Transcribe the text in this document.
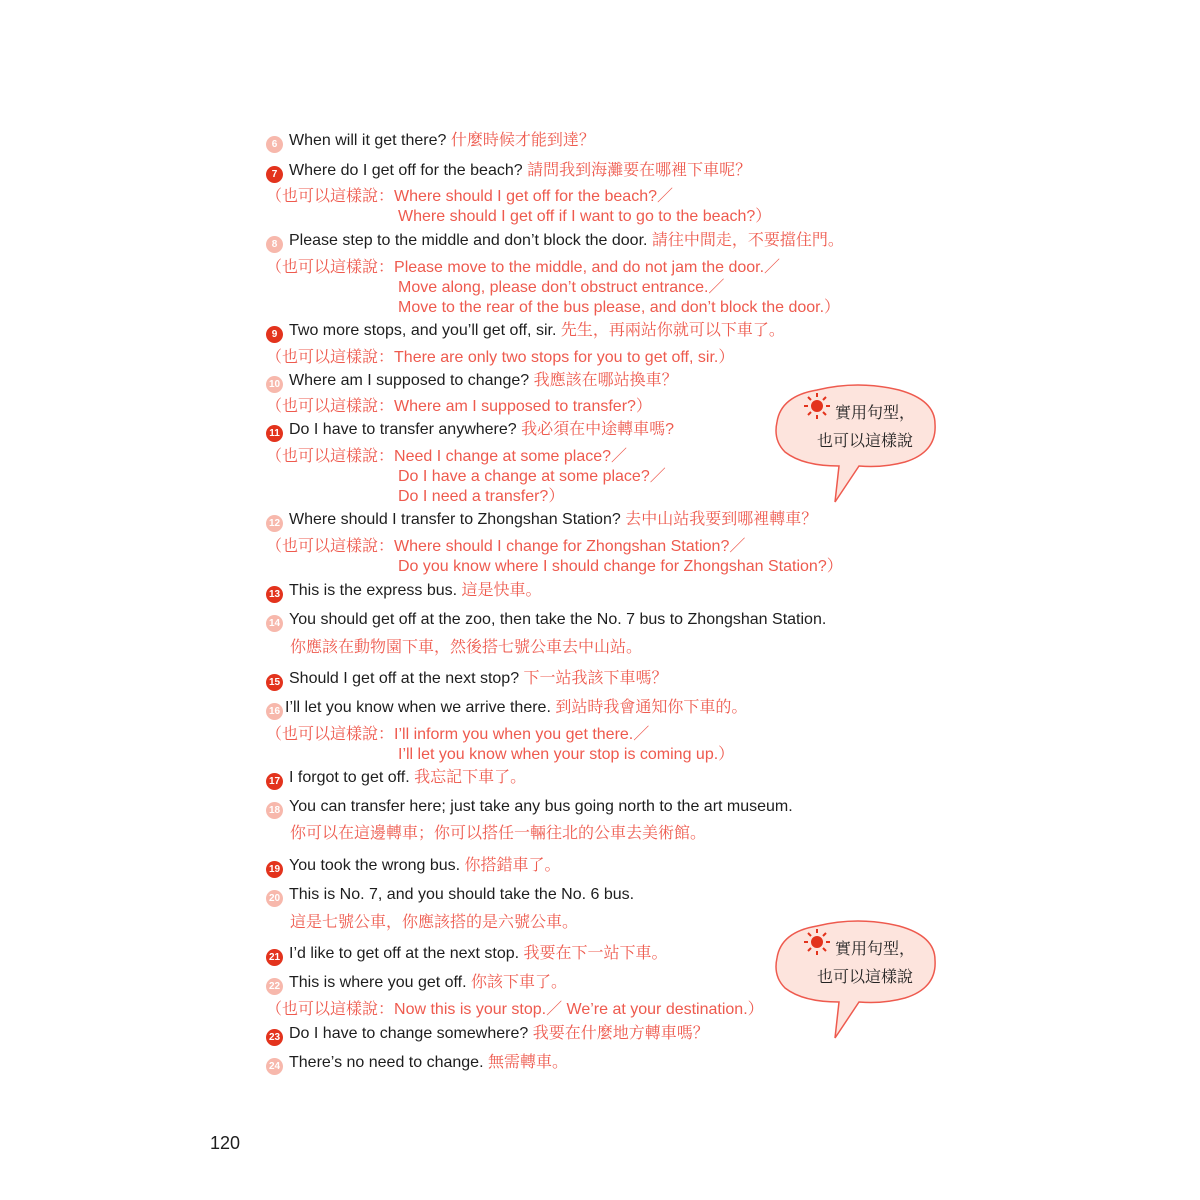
6 When will it get there? 什麼時候才能到達？
7 Where do I get off for the beach? 請問我到海灘要在哪裡下車呢？
（也可以這樣說：Where should I get off for the beach?／
Where should I get off if I want to go to the beach?）
8 Please step to the middle and don’t block the door. 請往中間走，不要擋住門。
（也可以這樣說：Please move to the middle, and do not jam the door.／
Move along, please don’t obstruct entrance.／
Move to the rear of the bus please, and don’t block the door.）
9 Two more stops, and you’ll get off, sir. 先生，再兩站你就可以下車了。
（也可以這樣說：There are only two stops for you to get off, sir.）
10 Where am I supposed to change? 我應該在哪站換車？
（也可以這樣說：Where am I supposed to transfer?）
11 Do I have to transfer anywhere? 我必須在中途轉車嗎?
（也可以這樣說：Need I change at some place?／
Do I have a change at some place?／
Do I need a transfer?）
12 Where should I transfer to Zhongshan Station? 去中山站我要到哪裡轉車？
（也可以這樣說：Where should I change for Zhongshan Station?／
Do you know where I should change for Zhongshan Station?）
13 This is the express bus. 這是快車。
14 You should get off at the zoo, then take the No. 7 bus to Zhongshan Station.
你應該在動物園下車，然後搭七號公車去中山站。
15 Should I get off at the next stop? 下一站我該下車嗎？
16 I’ll let you know when we arrive there. 到站時我會通知你下車的。
（也可以這樣說：I’ll inform you when you get there.／
I’ll let you know when your stop is coming up.）
17 I forgot to get off. 我忘記下車了。
18 You can transfer here; just take any bus going north to the art museum.
你可以在這邊轉車；你可以搭任一輛往北的公車去美術館。
19 You took the wrong bus. 你搭錯車了。
20 This is No. 7, and you should take the No. 6 bus.
這是七號公車，你應該搭的是六號公車。
21 I’d like to get off at the next stop. 我要在下一站下車。
22 This is where you get off. 你該下車了。
（也可以這樣說：Now this is your stop.／ We’re at your destination.）
23 Do I have to change somewhere? 我要在什麼地方轉車嗎？
24 There’s no need to change. 無需轉車。
實用句型，
也可以這樣說
實用句型，
也可以這樣說
120
